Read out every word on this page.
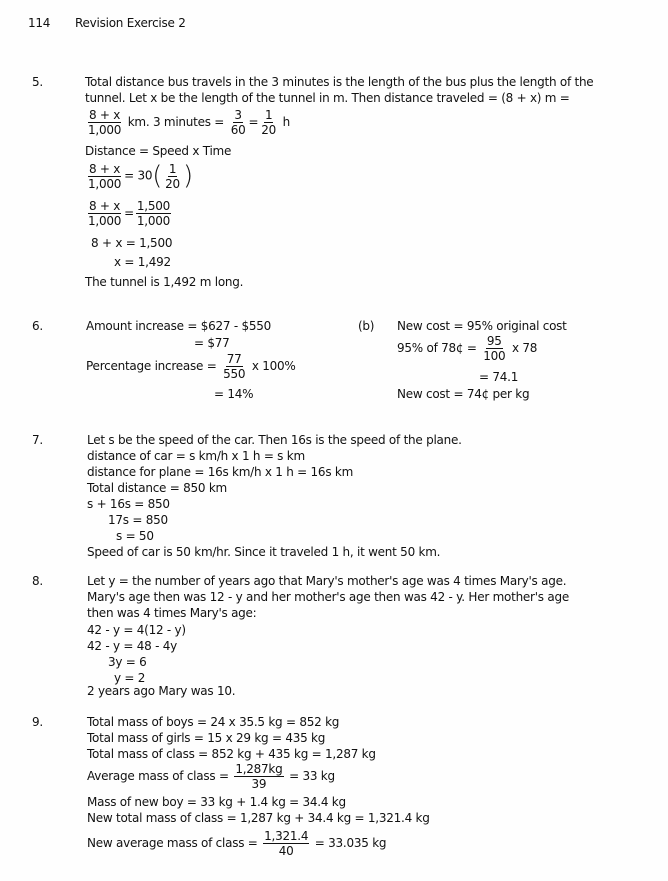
114 Revision Exercise 2
5.	Total distance bus travels in the 3 minutes is the length of the bus plus the length of the
tunnel. Let x be the length of the tunnel in m. Then distance traveled = (8 + x) m =
$\frac{8 + x}{1,000}$ km. 3 minutes = $\frac{3}{60} = \frac{1}{20}$ h
Distance = Speed x Time
$\frac{8 + x}{1,000} = 30( \frac{1}{20}$ )
$\frac{8 + x}{1,000} = \frac{1,500}{1,000}$
8 + x = 1,500
x = 1,492
The tunnel is 1,492 m long.
6.	Amount increase = $627 - $550
= $77
Percentage increase = $\frac{77}{550}$ x 100%
= 14%
(b) New cost = 95% original cost
95% of 78¢ = $\frac{95}{100}$ x 78
= 74.1
New cost = 74¢ per kg
7.	Let s be the speed of the car. Then 16s is the speed of the plane.
distance of car = s km/h x 1 h = s km
distance for plane = 16s km/h x 1 h = 16s km
Total distance = 850 km
s + 16s = 850
17s = 850
s = 50
Speed of car is 50 km/hr. Since it traveled 1 h, it went 50 km.
8.	Let y = the number of years ago that Mary's mother's age was 4 times Mary's age.
Mary's age then was 12 - y and her mother's age then was 42 - y. Her mother's age
then was 4 times Mary's age:
42 - y = 4(12 - y)
42 - y = 48 - 4y
3y = 6
y = 2
2 years ago Mary was 10.
9.	Total mass of boys = 24 x 35.5 kg = 852 kg
Total mass of girls = 15 x 29 kg = 435 kg
Total mass of class = 852 kg + 435 kg = 1,287 kg
Average mass of class = $\frac{1,287kg}{39} = 33$ kg
Mass of new boy = 33 kg + 1.4 kg = 34.4 kg
New total mass of class = 1,287 kg + 34.4 kg = 1,321.4 kg
New average mass of class = $\frac{1,321.4}{40} = 33.035$ kg
